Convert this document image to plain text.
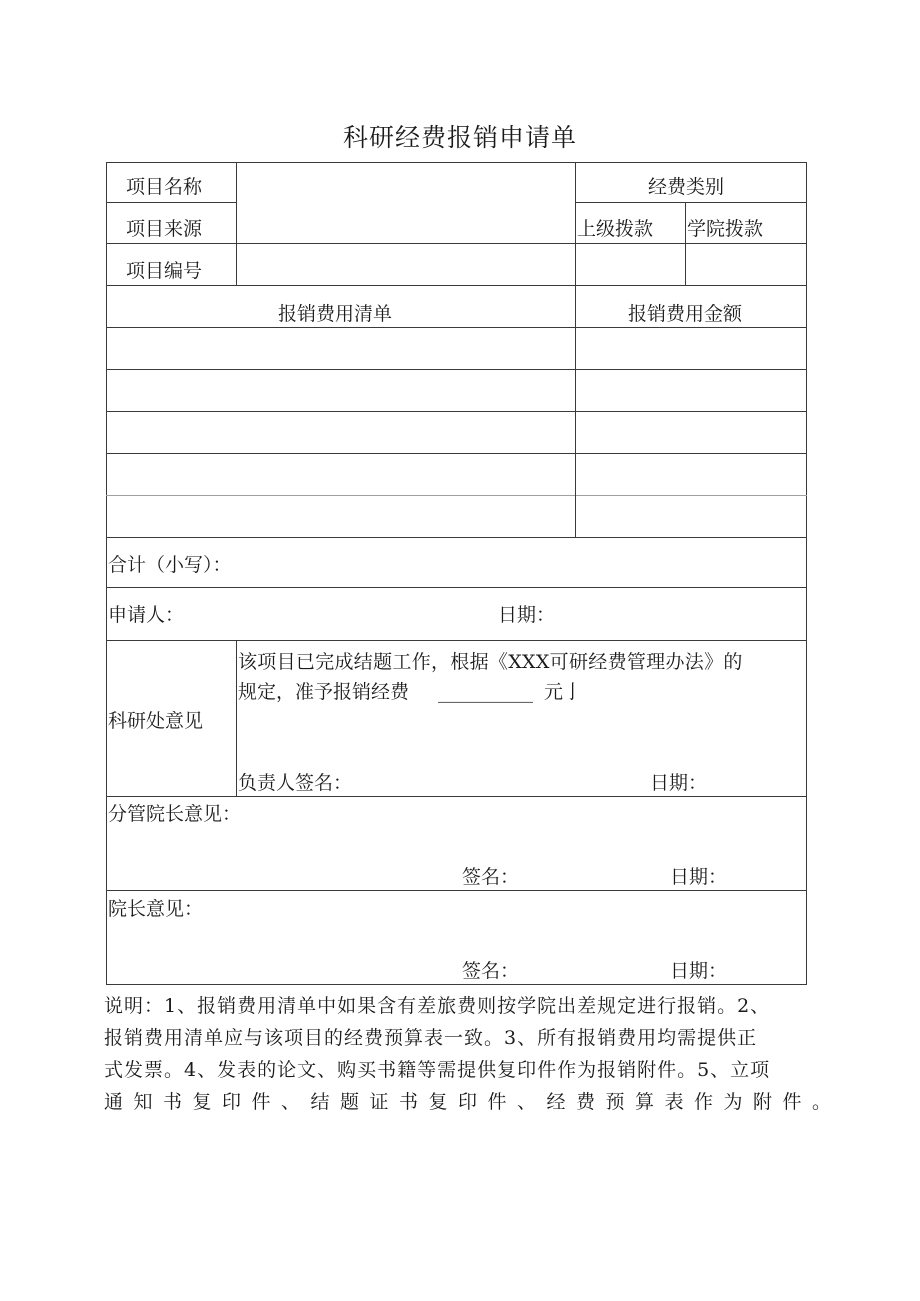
科研经费报销申请单
项目名称	经费类别
项目来源	上级拨款 学院拨款
项目编号
报销费用清单	报销费用金额
合计（小写）：
申请人：	日期：
科研处意见
该项目已完成结题工作，根据《XXX可研经费管理办法》的
规定，准予报销经费 __________ 元亅
负责人签名：	日期：
分管院长意见：
签名：	日期：
院长意见：
签名：	日期：
说明：1、报销费用清单中如果含有差旅费则按学院出差规定进行报销。2、
报销费用清单应与该项目的经费预算表一致。3、所有报销费用均需提供正
式发票。4、发表的论文、购买书籍等需提供复印件作为报销附件。5、立项
通知书复印件、结题证书复印件、经费预算表作为附件。
